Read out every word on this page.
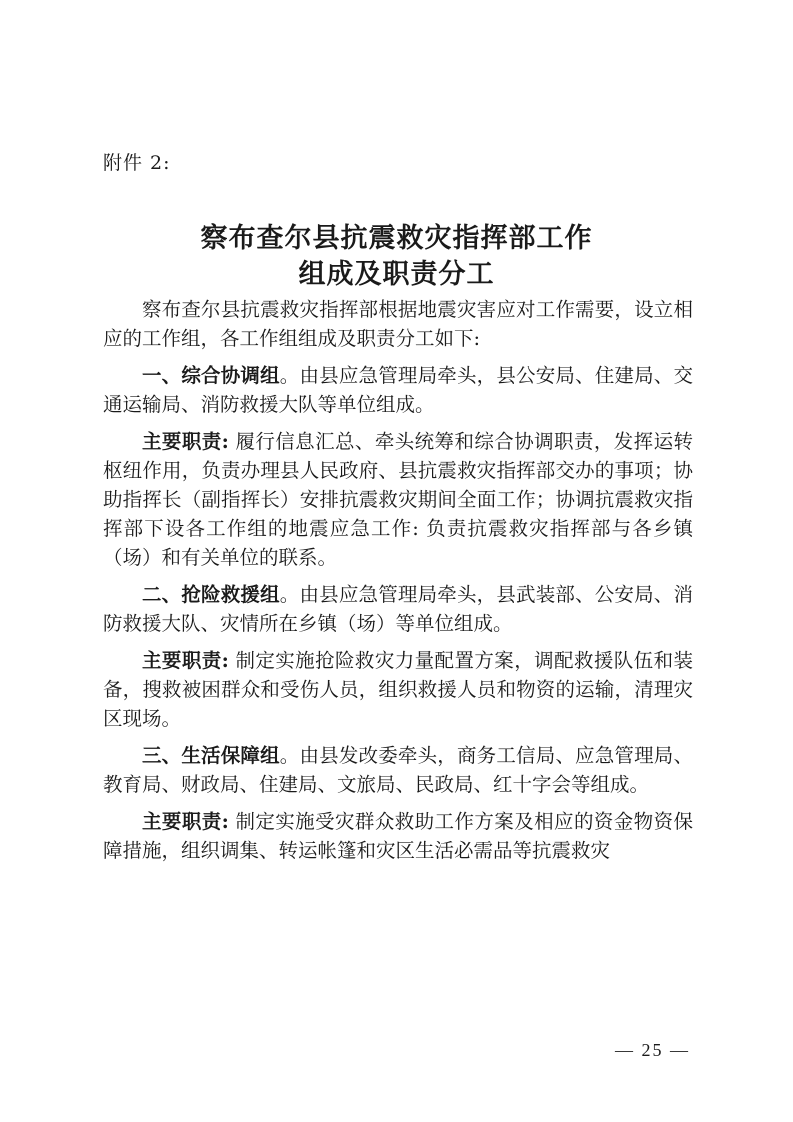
附件 2:
察布查尔县抗震救灾指挥部工作
组成及职责分工

察布查尔县抗震救灾指挥部根据地震灾害应对工作需要，设立相应的工作组，各工作组组成及职责分工如下:

一、综合协调组。由县应急管理局牵头，县公安局、住建局、交通运输局、消防救援大队等单位组成。

主要职责: 履行信息汇总、牵头统筹和综合协调职责，发挥运转枢纽作用，负责办理县人民政府、县抗震救灾指挥部交办的事项；协助指挥长（副指挥长）安排抗震救灾期间全面工作；协调抗震救灾指挥部下设各工作组的地震应急工作: 负责抗震救灾指挥部与各乡镇（场）和有关单位的联系。

二、抢险救援组。由县应急管理局牵头，县武装部、公安局、消防救援大队、灾情所在乡镇（场）等单位组成。

主要职责: 制定实施抢险救灾力量配置方案，调配救援队伍和装备，搜救被困群众和受伤人员，组织救援人员和物资的运输，清理灾区现场。

三、生活保障组。由县发改委牵头，商务工信局、应急管理局、教育局、财政局、住建局、文旅局、民政局、红十字会等组成。

主要职责: 制定实施受灾群众救助工作方案及相应的资金物资保障措施，组织调集、转运帐篷和灾区生活必需品等抗震救灾

— 25 —
